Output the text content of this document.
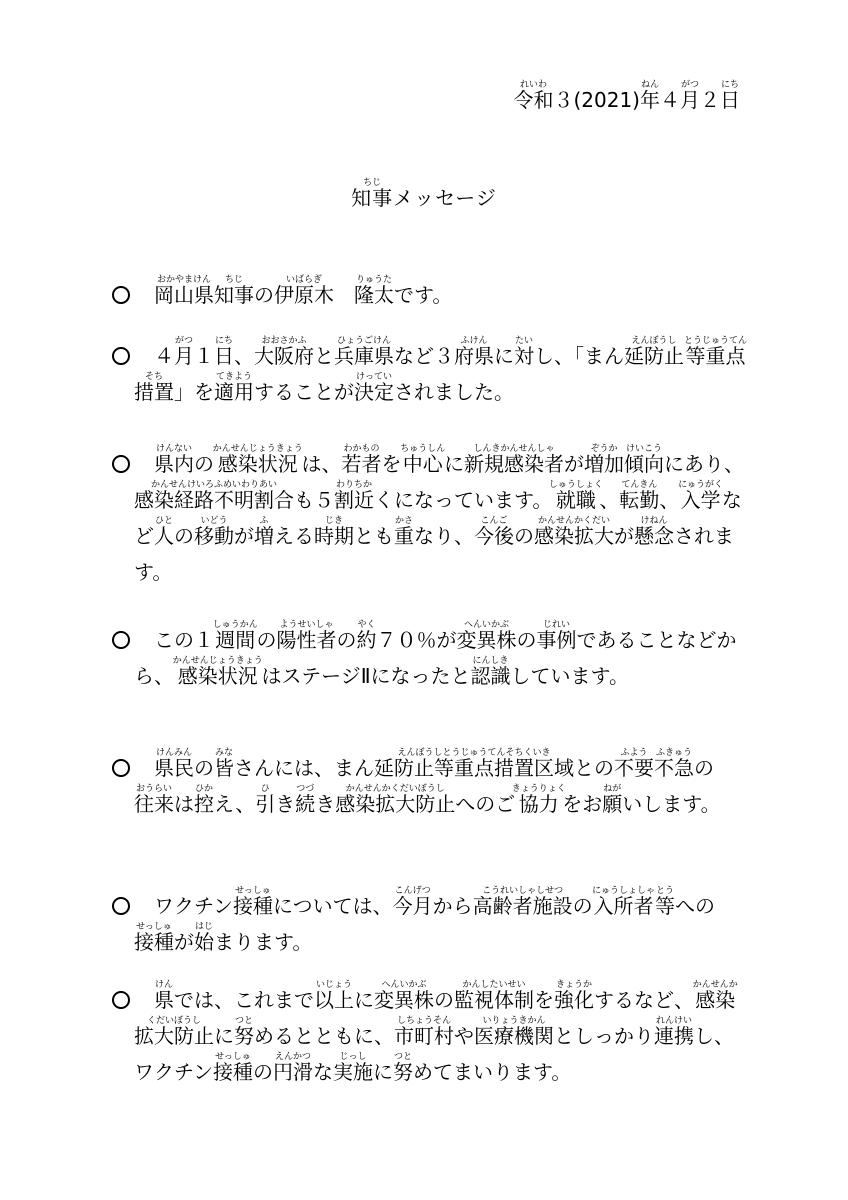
令和れいわ３(2021)年ねん４月がつ２日にち
知事ちじメッセージ
　岡山県おかやまけん知事ちじの伊原木いばらぎ　隆太りゅうたです。
　４月がつ１日にち、大阪府おおさかふと兵庫県ひょうごけんなど３府県ふけんに対たいし、「まん延防止えんぼうし等重点とうじゅうてん措置そち」を適用てきようすることが決定けっていされました。
　県内けんないの感染状況かんせんじょうきょうは、若者わかものを中心ちゅうしんに新規感染者しんきかんせんしゃが増加ぞうか傾向けいこうにあり、感染経路不明割合かんせんけいろふめいわりあいも５割近わりちかくになっています。就職しゅうしょく、転勤てんきん、入学にゅうがくなど人ひとの移動いどうが増ふえる時期じきとも重かさなり、今後こんごの感染拡大かんせんかくだいが懸念けねんされます。
　この１週間しゅうかんの陽性者ようせいしゃの約やく７０％が変異株へんいかぶの事例じれいであることなどから、感染状況かんせんじょうきょうはステージⅡになったと認識にんしきしています。
　県民けんみんの皆みなさんには、まん延防止等重点措置区域えんぼうしとうじゅうてんそちくいきとの不要ふよう不急ふきゅうの往来おうらいは控ひかえ、引ひき続つづき感染拡大防止かんせんかくだいぼうしへのご協力きょうりょくをお願ねがいします。
　ワクチン接種せっしゅについては、今月こんげつから高齢者施設こうれいしゃしせつの入所者にゅうしょしゃ等とうへの接種せっしゅが始はじまります。
　県けんでは、これまで以上いじょうに変異株へんいかぶの監視体制かんしたいせいを強化きょうかするなど、感染拡大防止かんせんかくだいぼうしに努つとめるとともに、市町村しちょうそんや医療機関いりょうきかんとしっかり連携れんけいし、ワクチン接種せっしゅの円滑えんかつな実施じっしに努つとめてまいります。
